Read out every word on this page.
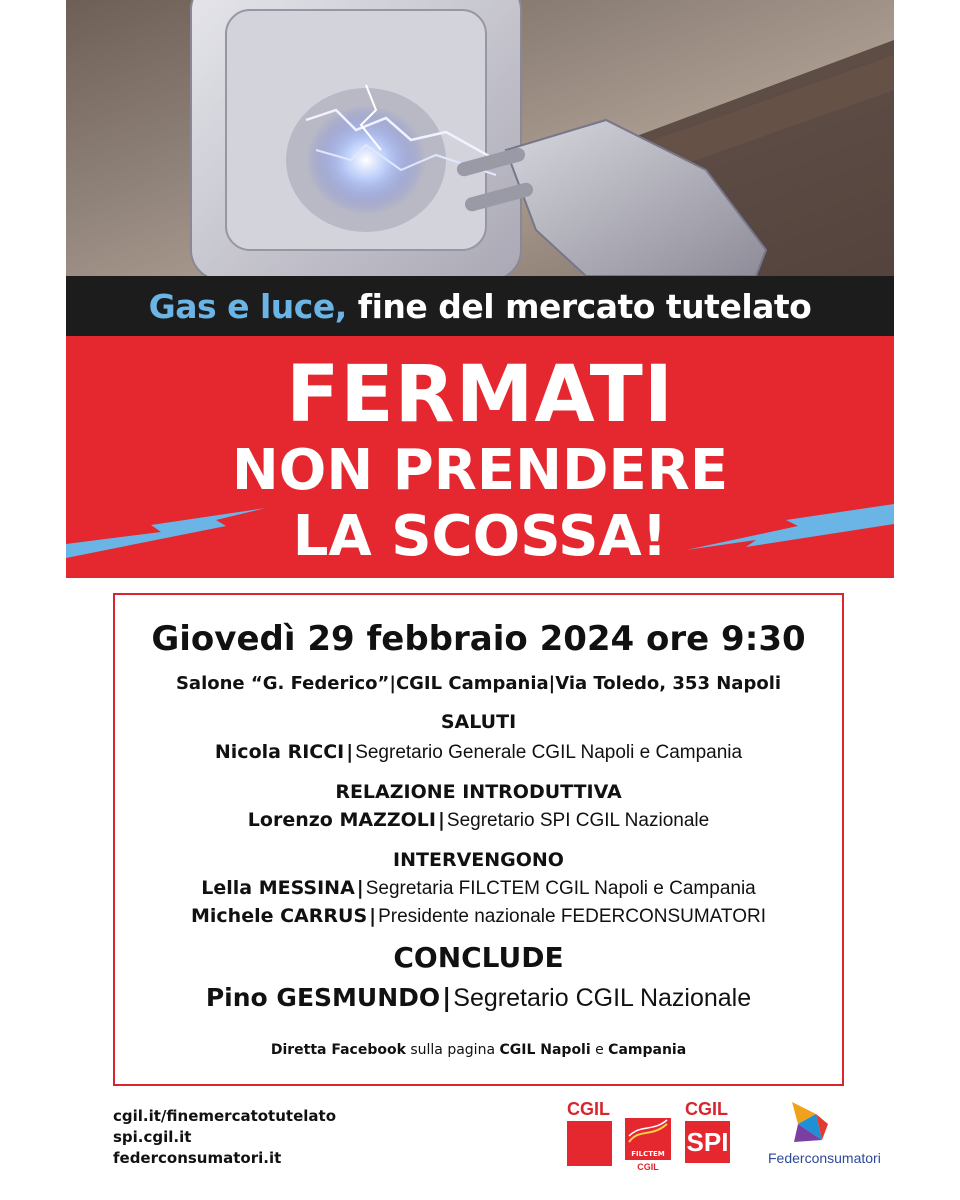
Gas e luce, fine del mercato tutelato
FERMATI
NON PRENDERE
LA SCOSSA!
Giovedì 29 febbraio 2024 ore 9:30
Salone “G. Federico”|CGIL Campania|Via Toledo, 353 Napoli
SALUTI
Nicola RICCI | Segretario Generale CGIL Napoli e Campania
RELAZIONE INTRODUTTIVA
Lorenzo MAZZOLI | Segretario SPI CGIL Nazionale
INTERVENGONO
Lella MESSINA | Segretaria FILCTEM CGIL Napoli e Campania
Michele CARRUS | Presidente nazionale FEDERCONSUMATORI
CONCLUDE
Pino GESMUNDO|Segretario CGIL Nazionale
Diretta Facebook sulla pagina CGIL Napoli e Campania
cgil.it/finemercatotutelato
spi.cgil.it
federconsumatori.it
CGIL
FILCTEM
CGIL
CGIL
SPI
Federconsumatori
